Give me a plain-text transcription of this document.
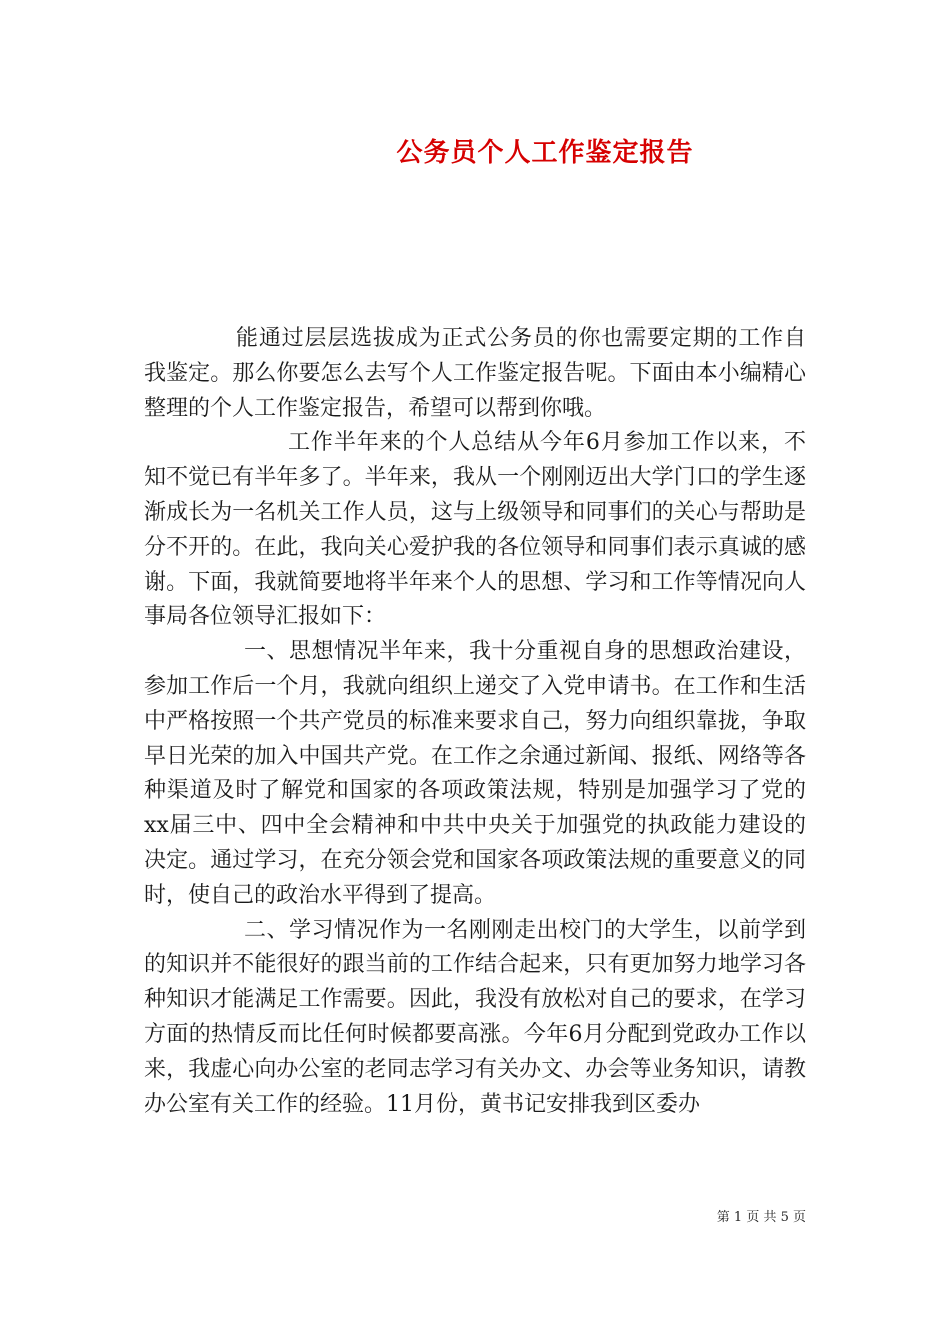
公务员个人工作鉴定报告

能通过层层选拔成为正式公务员的你也需要定期的工作自我鉴定。那么你要怎么去写个人工作鉴定报告呢。下面由本小编精心整理的个人工作鉴定报告，希望可以帮到你哦。

工作半年来的个人总结从今年6月参加工作以来，不知不觉已有半年多了。半年来，我从一个刚刚迈出大学门口的学生逐渐成长为一名机关工作人员，这与上级领导和同事们的关心与帮助是分不开的。在此，我向关心爱护我的各位领导和同事们表示真诚的感谢。下面，我就简要地将半年来个人的思想、学习和工作等情况向人事局各位领导汇报如下：

一、思想情况半年来，我十分重视自身的思想政治建设，参加工作后一个月，我就向组织上递交了入党申请书。在工作和生活中严格按照一个共产党员的标准来要求自己，努力向组织靠拢，争取早日光荣的加入中国共产党。在工作之余通过新闻、报纸、网络等各种渠道及时了解党和国家的各项政策法规，特别是加强学习了党的xx届三中、四中全会精神和中共中央关于加强党的执政能力建设的决定。通过学习，在充分领会党和国家各项政策法规的重要意义的同时，使自己的政治水平得到了提高。

二、学习情况作为一名刚刚走出校门的大学生，以前学到的知识并不能很好的跟当前的工作结合起来，只有更加努力地学习各种知识才能满足工作需要。因此，我没有放松对自己的要求，在学习方面的热情反而比任何时候都要高涨。今年6月分配到党政办工作以来，我虚心向办公室的老同志学习有关办文、办会等业务知识，请教办公室有关工作的经验。11月份，黄书记安排我到区委办

第 1 页 共 5 页
